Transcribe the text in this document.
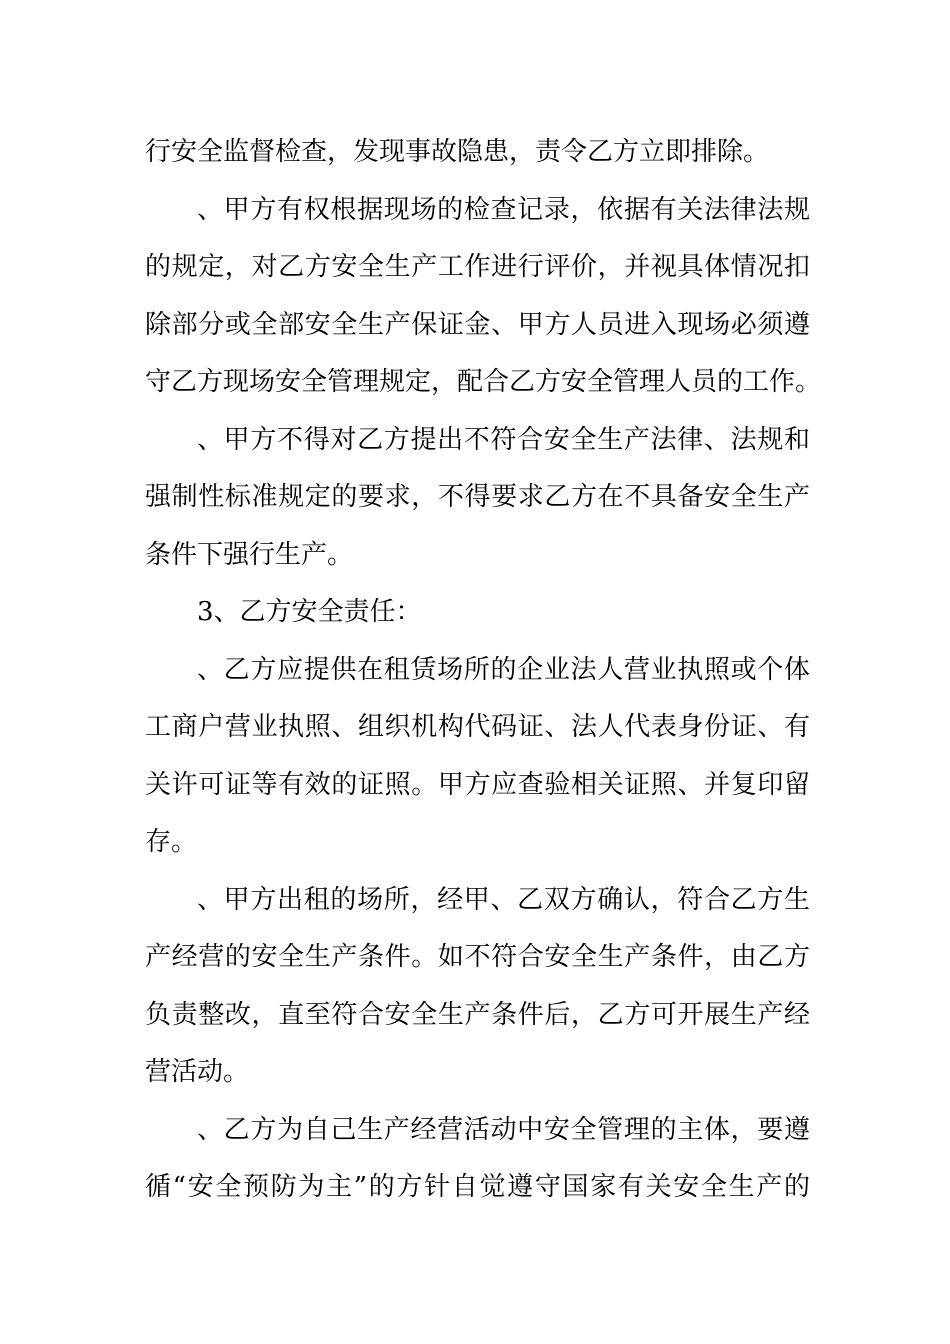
行安全监督检查，发现事故隐患，责令乙方立即排除。
、甲方有权根据现场的检查记录，依据有关法律法规
的规定，对乙方安全生产工作进行评价，并视具体情况扣
除部分或全部安全生产保证金、甲方人员进入现场必须遵
守乙方现场安全管理规定，配合乙方安全管理人员的工作。
、甲方不得对乙方提出不符合安全生产法律、法规和
强制性标准规定的要求，不得要求乙方在不具备安全生产
条件下强行生产。
3、乙方安全责任：
、乙方应提供在租赁场所的企业法人营业执照或个体
工商户营业执照、组织机构代码证、法人代表身份证、有
关许可证等有效的证照。甲方应查验相关证照、并复印留
存。
、甲方出租的场所，经甲、乙双方确认，符合乙方生
产经营的安全生产条件。如不符合安全生产条件，由乙方
负责整改，直至符合安全生产条件后，乙方可开展生产经
营活动。
、乙方为自己生产经营活动中安全管理的主体，要遵
循“安全预防为主”的方针自觉遵守国家有关安全生产的
